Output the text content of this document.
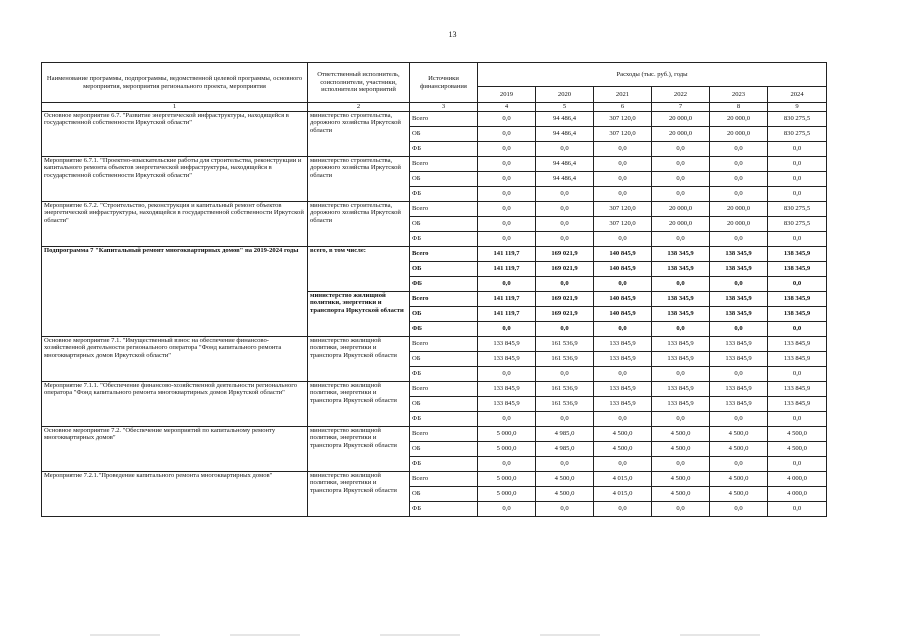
13
Наименование программы, подпрограммы, ведомственной целевой программы, основного мероприятия, мероприятия регионального проекта, мероприятия	Ответственный исполнитель, соисполнители, участники, исполнители мероприятий	Источники финансирования	Расходы (тыс. руб.), годы					
			2019	2020	2021	2022	2023	2024
1	2	3	4	5	6	7	8	9
Основное мероприятие 6.7. "Развитие энергетической инфраструктуры, находящейся в государственной собственности Иркутской области"	министерство строительства, дорожного хозяйства Иркутской области	Всего	0,0	94 486,4	307 120,0	20 000,0	20 000,0	830 275,5
		ОБ	0,0	94 486,4	307 120,0	20 000,0	20 000,0	830 275,5
		ФБ	0,0	0,0	0,0	0,0	0,0	0,0
Мероприятие 6.7.1. "Проектно-изыскательские работы для строительства, реконструкции и капитального ремонта объектов энергетической инфраструктуры, находящейся в государственной собственности Иркутской области"	министерство строительства, дорожного хозяйства Иркутской области	Всего	0,0	94 486,4	0,0	0,0	0,0	0,0
		ОБ	0,0	94 486,4	0,0	0,0	0,0	0,0
		ФБ	0,0	0,0	0,0	0,0	0,0	0,0
Мероприятие 6.7.2. "Строительство, реконструкция и капитальный ремонт объектов энергетической инфраструктуры, находящейся в государственной собственности Иркутской области"	министерство строительства, дорожного хозяйства Иркутской области	Всего	0,0	0,0	307 120,0	20 000,0	20 000,0	830 275,5
		ОБ	0,0	0,0	307 120,0	20 000,0	20 000,0	830 275,5
		ФБ	0,0	0,0	0,0	0,0	0,0	0,0
Подпрограмма 7 "Капитальный ремонт многоквартирных домов" на 2019-2024 годы	всего, в том числе:	Всего	141 119,7	169 021,9	140 845,9	138 345,9	138 345,9	138 345,9
		ОБ	141 119,7	169 021,9	140 845,9	138 345,9	138 345,9	138 345,9
		ФБ	0,0	0,0	0,0	0,0	0,0	0,0
	министерство жилищной политики, энергетики и транспорта Иркутской области	Всего	141 119,7	169 021,9	140 845,9	138 345,9	138 345,9	138 345,9
		ОБ	141 119,7	169 021,9	140 845,9	138 345,9	138 345,9	138 345,9
		ФБ	0,0	0,0	0,0	0,0	0,0	0,0
Основное мероприятие 7.1. "Имущественный взнос на обеспечение финансово-хозяйственной деятельности регионального оператора "Фонд капитального ремонта многоквартирных домов Иркутской области"	министерство жилищной политики, энергетики и транспорта Иркутской области	Всего	133 845,9	161 536,9	133 845,9	133 845,9	133 845,9	133 845,9
		ОБ	133 845,9	161 536,9	133 845,9	133 845,9	133 845,9	133 845,9
		ФБ	0,0	0,0	0,0	0,0	0,0	0,0
Мероприятие 7.1.1. "Обеспечение финансово-хозяйственной деятельности регионального оператора "Фонд капитального ремонта многоквартирных домов Иркутской области"	министерство жилищной политики, энергетики и транспорта Иркутской области	Всего	133 845,9	161 536,9	133 845,9	133 845,9	133 845,9	133 845,9
		ОБ	133 845,9	161 536,9	133 845,9	133 845,9	133 845,9	133 845,9
		ФБ	0,0	0,0	0,0	0,0	0,0	0,0
Основное мероприятие 7.2. "Обеспечение мероприятий по капитальному ремонту многоквартирных домов"	министерство жилищной политики, энергетики и транспорта Иркутской области	Всего	5 000,0	4 985,0	4 500,0	4 500,0	4 500,0	4 500,0
		ОБ	5 000,0	4 985,0	4 500,0	4 500,0	4 500,0	4 500,0
		ФБ	0,0	0,0	0,0	0,0	0,0	0,0
Мероприятие 7.2.1."Проведение капитального ремонта многоквартирных домов"	министерство жилищной политики, энергетики и транспорта Иркутской области	Всего	5 000,0	4 500,0	4 015,0	4 500,0	4 500,0	4 000,0
		ОБ	5 000,0	4 500,0	4 015,0	4 500,0	4 500,0	4 000,0
		ФБ	0,0	0,0	0,0	0,0	0,0	0,0
